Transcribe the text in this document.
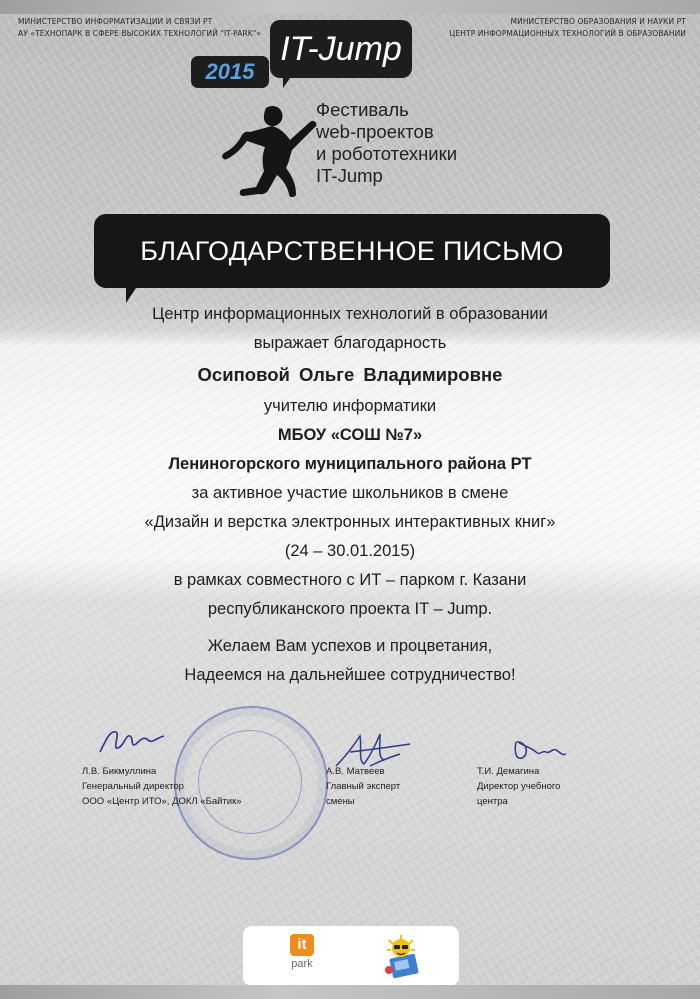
МИНИСТЕРСТВО ИНФОРМАТИЗАЦИИ И СВЯЗИ РТ
АУ «ТЕХНОПАРК В СФЕРЕ ВЫСОКИХ ТЕХНОЛОГИЙ "IT-PARK"»
МИНИСТЕРСТВО ОБРАЗОВАНИЯ И НАУКИ РТ
ЦЕНТР ИНФОРМАЦИОННЫХ ТЕХНОЛОГИЙ В ОБРАЗОВАНИИ
IT-Jump
2015
Фестиваль
web-проектов
и робототехники
IT-Jump
БЛАГОДАРСТВЕННОЕ ПИСЬМО
Центр информационных технологий в образовании
выражает благодарность
Осиповой Ольге Владимировне
учителю информатики
МБОУ «СОШ №7»
Лениногорского муниципального района РТ
за активное участие школьников в смене
«Дизайн и верстка электронных интерактивных книг»
(24 – 30.01.2015)
в рамках совместного с ИТ – парком г. Казани
республиканского проекта IT – Jump.
Желаем Вам успехов и процветания,
Надеемся на дальнейшее сотрудничество!
Л.В. Бикмуллина
Генеральный директор
ООО «Центр ИТО», ДОКЛ «Байтик»
А.В. Матвеев
Главный эксперт
смены
Т.И. Демагина
Директор учебного
центра
it
park
